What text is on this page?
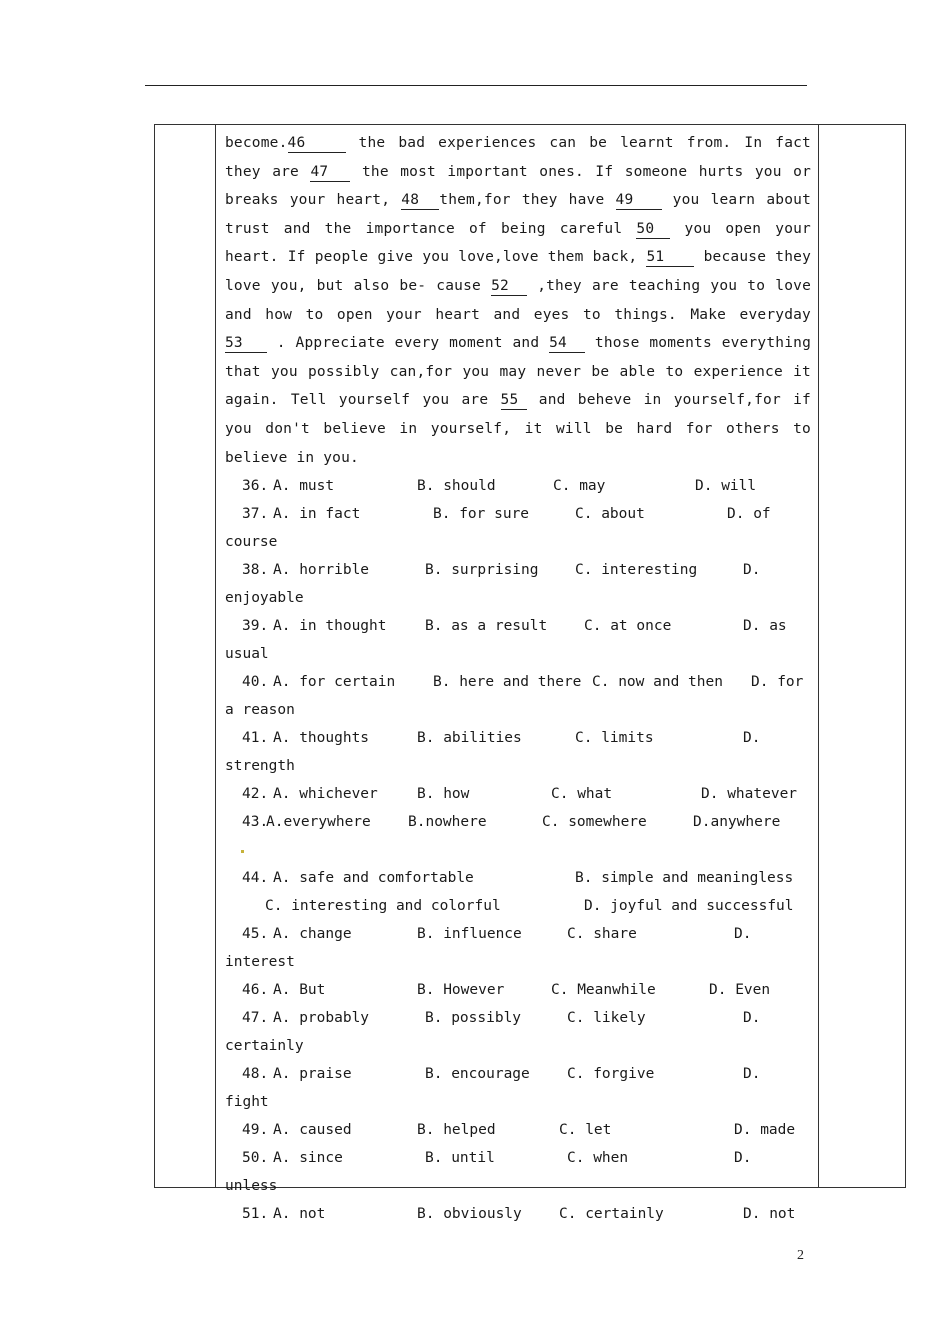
become.46	the bad experiences can be learnt from. In fact they are 47 the most important ones. If someone hurts you or breaks your heart, 48 them,for they have 49 you learn about trust and the importance of being careful 50 you open your heart. If people give you love,love them back, 51 because they love you, but also be- cause 52 ,they are teaching you to love and how to open your heart and eyes to things. Make everyday 53 . Appreciate every moment and 54 those moments everything that you possibly can,for you may never be able to experience it again. Tell yourself you are 55 and beheve in yourself,for if you don't believe in yourself, it will be hard for others to believe in you.

36. A. must	B. should	C. may	D. will
37. A. in fact	B. for sure	C. about	D. of
course
38. A. horrible	B. surprising	C. interesting	D.
enjoyable
39. A. in thought	B. as a result	C. at once	D. as
usual
40. A. for certain	B. here and there C. now and then D. for
a reason
41. A. thoughts	B. abilities	C. limits	D.
strength
42. A. whichever	B. how	C. what	D. whatever
43.
A.everywhere	B.nowhere	C. somewhere	D.anywhere
44. A. safe and comfortable	B. simple and meaningless
C. interesting and colorful	D. joyful and successful
45. A. change	B. influence	C. share	D.
interest
46. A. But	B. However	C. Meanwhile	D. Even
47. A. probably	B. possibly	C. likely	D.
certainly
48. A. praise	B. encourage	C. forgive	D.
fight
49. A. caused	B. helped	C. let	D. made
50. A. since	B. until	C. when	D.
unless
51. A. not	B. obviously	C. certainly	D. not
2
